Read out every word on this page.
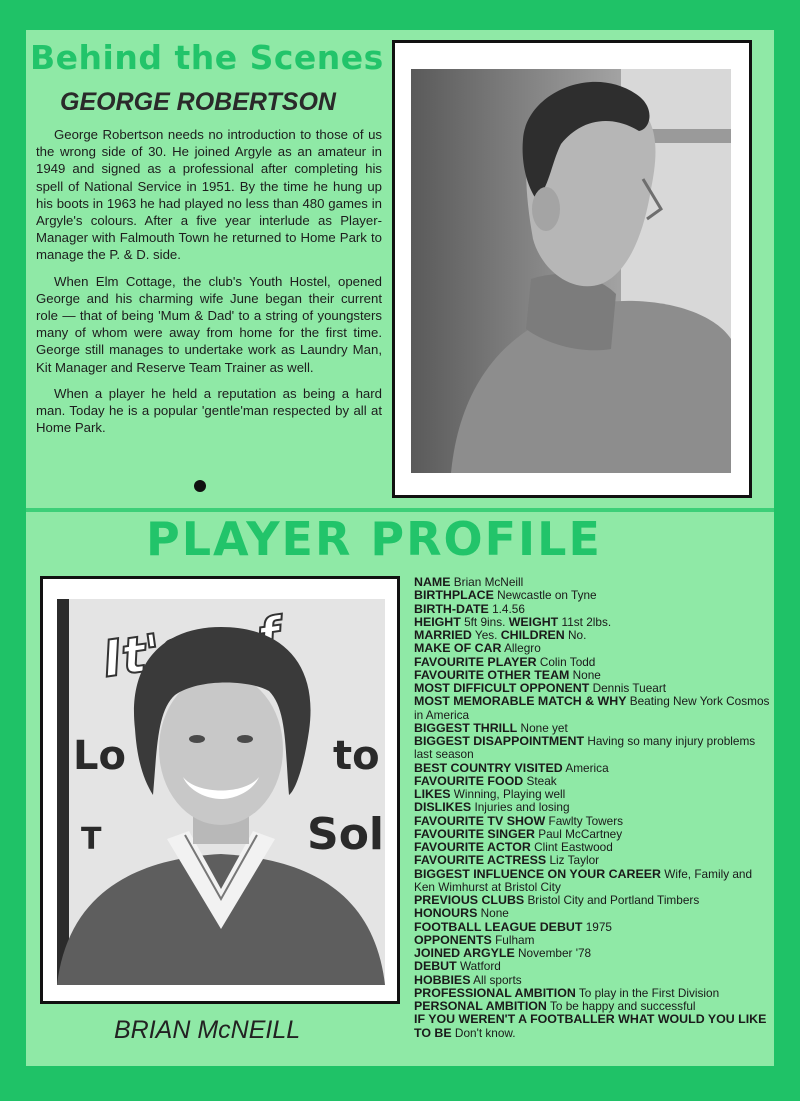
Behind the Scenes
GEORGE ROBERTSON

George Robertson needs no introduction to those of us the wrong side of 30. He joined Argyle as an amateur in 1949 and signed as a professional after completing his spell of National Service in 1951. By the time he hung up his boots in 1963 he had played no less than 480 games in Argyle's colours. After a five year interlude as Player-Manager with Falmouth Town he returned to Home Park to manage the P. & D. side.

When Elm Cottage, the club's Youth Hostel, opened George and his charming wife June began their current role — that of being 'Mum & Dad' to a string of youngsters many of whom were away from home for the first time. George still manages to undertake work as Laundry Man, Kit Manager and Reserve Team Trainer as well.

When a player he held a reputation as being a hard man. Today he is a popular 'gentle'man respected by all at Home Park.

PLAYER PROFILE
It's f
Lo	to
T	Sol

BRIAN McNEILL

NAME Brian McNeill
BIRTHPLACE Newcastle on Tyne
BIRTH-DATE 1.4.56
HEIGHT 5ft 9ins. WEIGHT 11st 2lbs.
MARRIED Yes. CHILDREN No.
MAKE OF CAR Allegro
FAVOURITE PLAYER Colin Todd
FAVOURITE OTHER TEAM None
MOST DIFFICULT OPPONENT Dennis Tueart
MOST MEMORABLE MATCH & WHY Beating New York Cosmos in America
BIGGEST THRILL None yet
BIGGEST DISAPPOINTMENT Having so many injury problems last season
BEST COUNTRY VISITED America
FAVOURITE FOOD Steak
LIKES Winning, Playing well
DISLIKES Injuries and losing
FAVOURITE TV SHOW Fawlty Towers
FAVOURITE SINGER Paul McCartney
FAVOURITE ACTOR Clint Eastwood
FAVOURITE ACTRESS Liz Taylor
BIGGEST INFLUENCE ON YOUR CAREER Wife, Family and Ken Wimhurst at Bristol City
PREVIOUS CLUBS Bristol City and Portland Timbers
HONOURS None
FOOTBALL LEAGUE DEBUT 1975
OPPONENTS Fulham
JOINED ARGYLE November '78
DEBUT Watford
HOBBIES All sports
PROFESSIONAL AMBITION To play in the First Division
PERSONAL AMBITION To be happy and successful
IF YOU WEREN'T A FOOTBALLER WHAT WOULD YOU LIKE TO BE Don't know.
